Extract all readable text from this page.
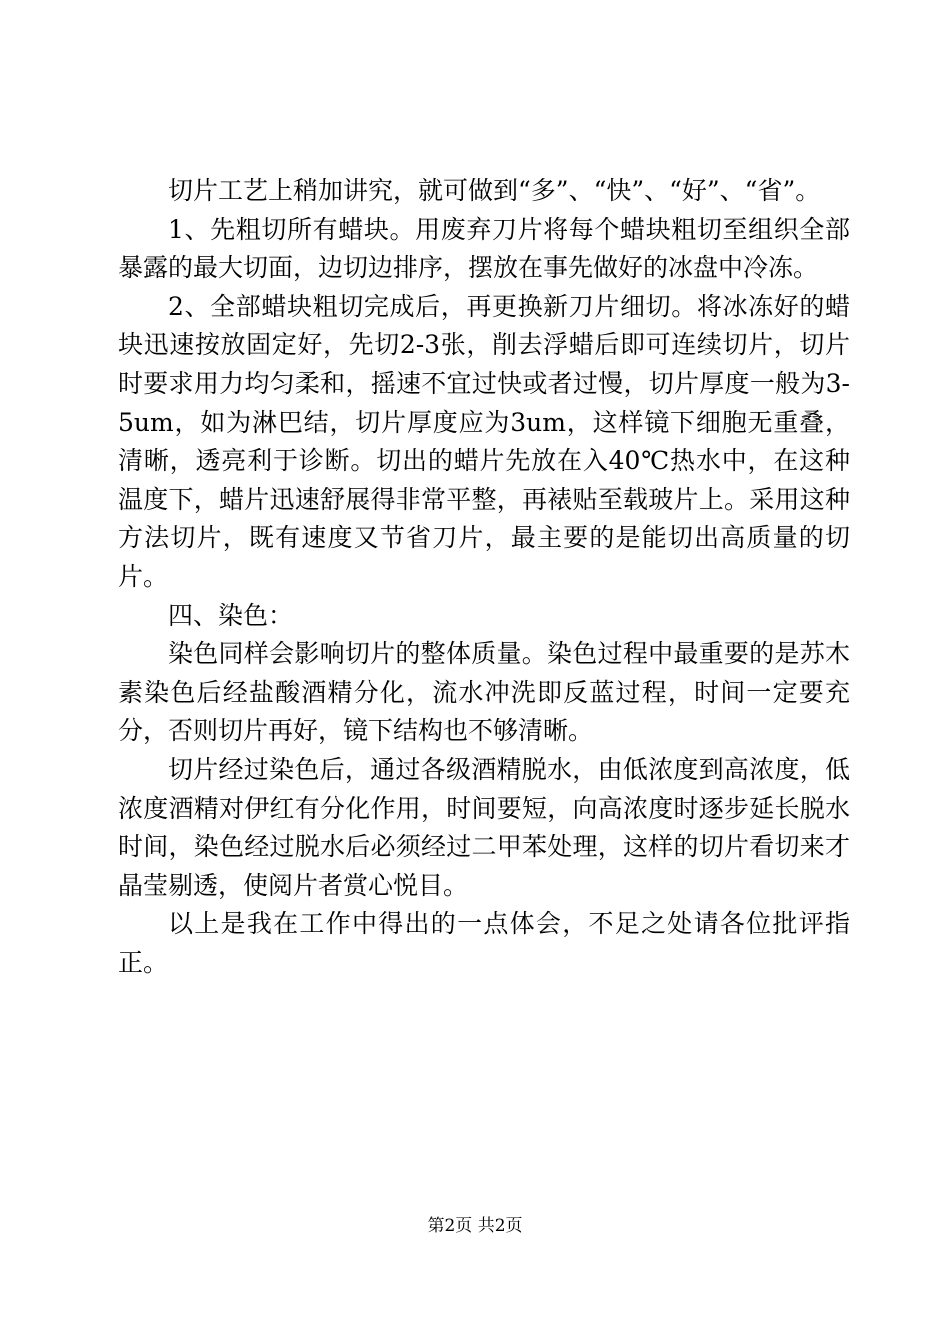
切片工艺上稍加讲究，就可做到“多”、“快”、“好”、“省”。

1、先粗切所有蜡块。用废弃刀片将每个蜡块粗切至组织全部暴露的最大切面，边切边排序，摆放在事先做好的冰盘中冷冻。

2、全部蜡块粗切完成后，再更换新刀片细切。将冰冻好的蜡块迅速按放固定好，先切2-3张，削去浮蜡后即可连续切片，切片时要求用力均匀柔和，摇速不宜过快或者过慢，切片厚度一般为3-5um，如为淋巴结，切片厚度应为3um，这样镜下细胞无重叠，清晰，透亮利于诊断。切出的蜡片先放在入40℃热水中，在这种温度下，蜡片迅速舒展得非常平整，再裱贴至载玻片上。采用这种方法切片，既有速度又节省刀片，最主要的是能切出高质量的切片。

四、染色：

染色同样会影响切片的整体质量。染色过程中最重要的是苏木素染色后经盐酸酒精分化，流水冲洗即反蓝过程，时间一定要充分，否则切片再好，镜下结构也不够清晰。

切片经过染色后，通过各级酒精脱水，由低浓度到高浓度，低浓度酒精对伊红有分化作用，时间要短，向高浓度时逐步延长脱水时间，染色经过脱水后必须经过二甲苯处理，这样的切片看切来才晶莹剔透，使阅片者赏心悦目。

以上是我在工作中得出的一点体会，不足之处请各位批评指正。

第2页 共2页
